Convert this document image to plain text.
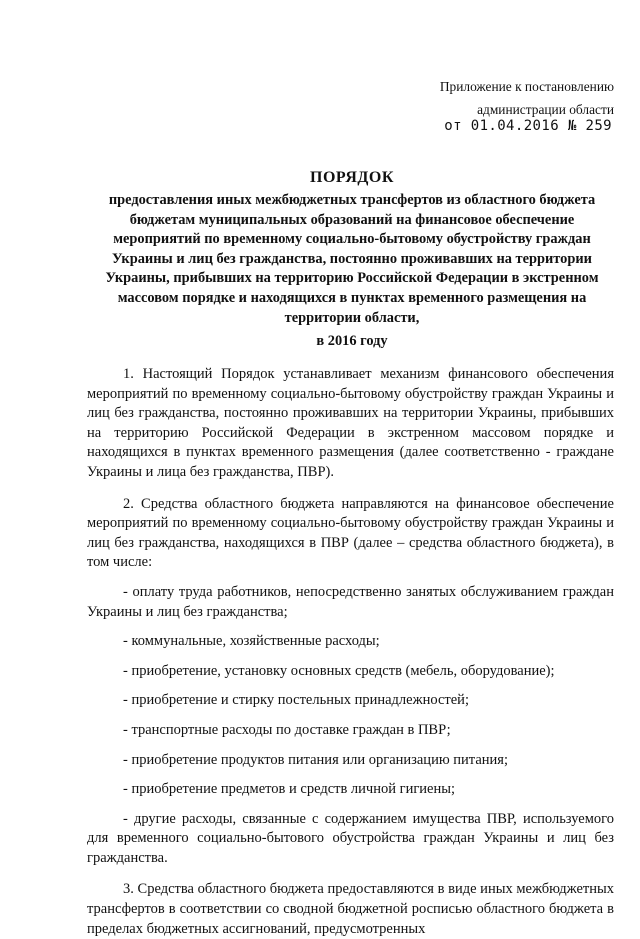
Приложение к постановлению
администрации области
от 01.04.2016 № 259
ПОРЯДОК
предоставления иных межбюджетных трансфертов из областного бюджета бюджетам муниципальных образований на финансовое обеспечение мероприятий по временному социально-бытовому обустройству граждан Украины и лиц без гражданства, постоянно проживавших на территории Украины, прибывших на территорию Российской Федерации в экстренном массовом порядке и находящихся в пунктах временного размещения на территории области,
в 2016 году

1. Настоящий Порядок устанавливает механизм финансового обеспечения мероприятий по временному социально-бытовому обустройству граждан Украины и лиц без гражданства, постоянно проживавших на территории Украины, прибывших на территорию Российской Федерации в экстренном массовом порядке и находящихся в пунктах временного размещения (далее соответственно - граждане Украины и лица без гражданства, ПВР).

2. Средства областного бюджета направляются на финансовое обеспечение мероприятий по временному социально-бытовому обустройству граждан Украины и лиц без гражданства, находящихся в ПВР (далее – средства областного бюджета), в том числе:

- оплату труда работников, непосредственно занятых обслуживанием граждан Украины и лиц без гражданства;

- коммунальные, хозяйственные расходы;

- приобретение, установку основных средств (мебель, оборудование);

- приобретение и стирку постельных принадлежностей;

- транспортные расходы по доставке граждан в ПВР;

- приобретение продуктов питания или организацию питания;

- приобретение предметов и средств личной гигиены;

- другие расходы, связанные с содержанием имущества ПВР, используемого для временного социально-бытового обустройства граждан Украины и лиц без гражданства.

3. Средства областного бюджета предоставляются в виде иных межбюджетных трансфертов в соответствии со сводной бюджетной росписью областного бюджета в пределах бюджетных ассигнований, предусмотренных
